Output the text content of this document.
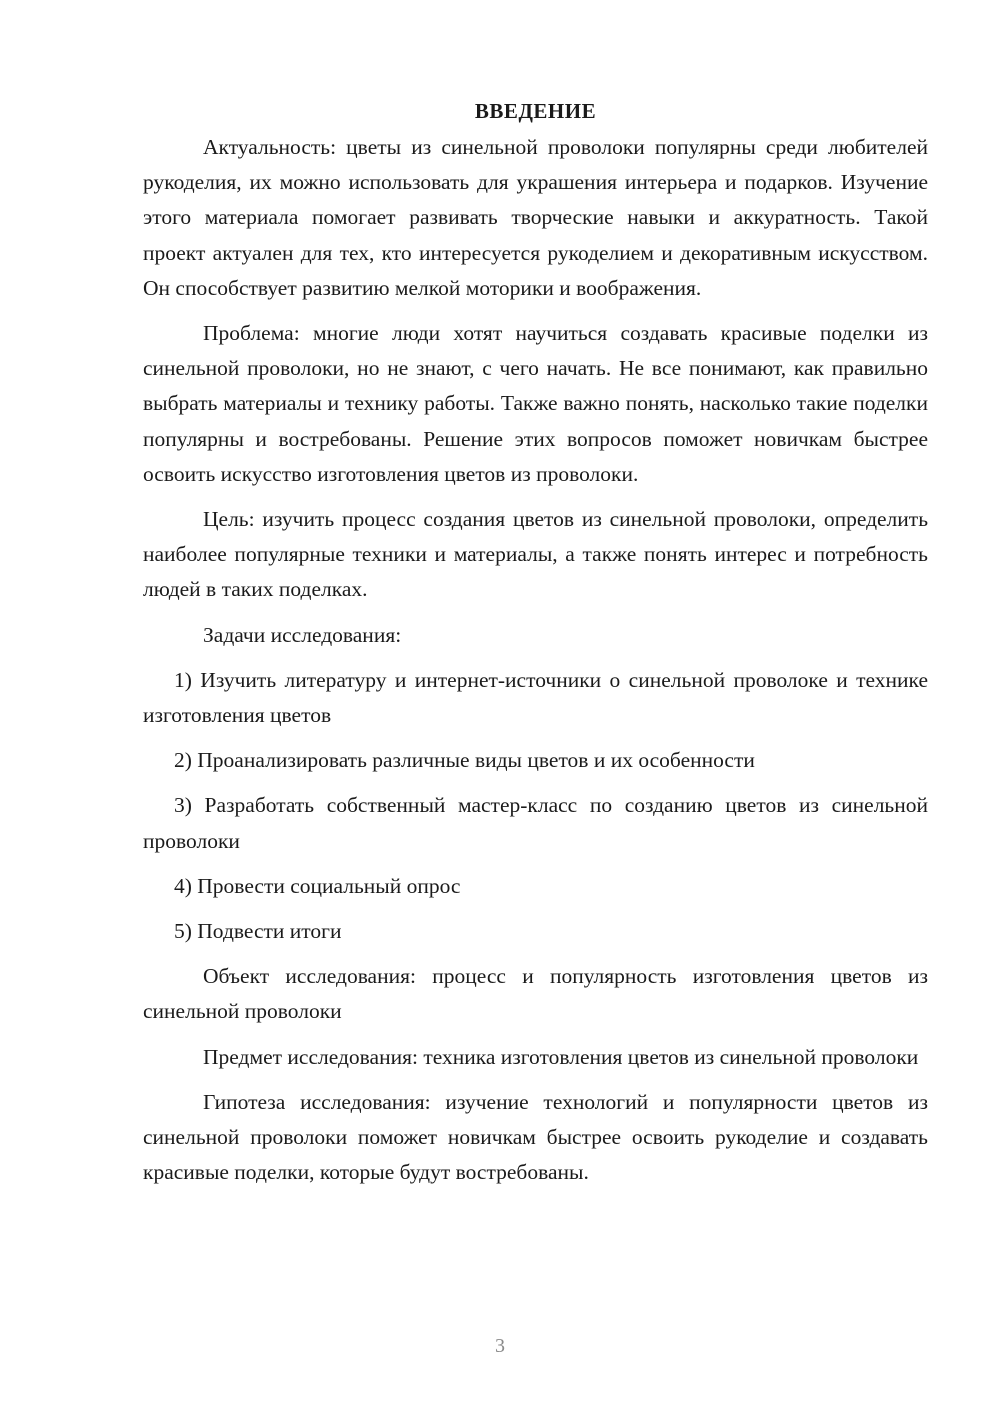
ВВЕДЕНИЕ

Актуальность: цветы из синельной проволоки популярны среди любителей рукоделия, их можно использовать для украшения интерьера и подарков. Изучение этого материала помогает развивать творческие навыки и аккуратность. Такой проект актуален для тех, кто интересуется рукоделием и декоративным искусством. Он способствует развитию мелкой моторики и воображения.

Проблема: многие люди хотят научиться создавать красивые поделки из синельной проволоки, но не знают, с чего начать. Не все понимают, как правильно выбрать материалы и технику работы. Также важно понять, насколько такие поделки популярны и востребованы. Решение этих вопросов поможет новичкам быстрее освоить искусство изготовления цветов из проволоки.

Цель: изучить процесс создания цветов из синельной проволоки, определить наиболее популярные техники и материалы, а также понять интерес и потребность людей в таких поделках.

Задачи исследования:

1) Изучить литературу и интернет-источники о синельной проволоке и технике изготовления цветов

2) Проанализировать различные виды цветов и их особенности

3) Разработать собственный мастер-класс по созданию цветов из синельной проволоки

4) Провести социальный опрос

5) Подвести итоги

Объект исследования: процесс и популярность изготовления цветов из синельной проволоки

Предмет исследования: техника изготовления цветов из синельной проволоки

Гипотеза исследования: изучение технологий и популярности цветов из синельной проволоки поможет новичкам быстрее освоить рукоделие и создавать красивые поделки, которые будут востребованы.

3
